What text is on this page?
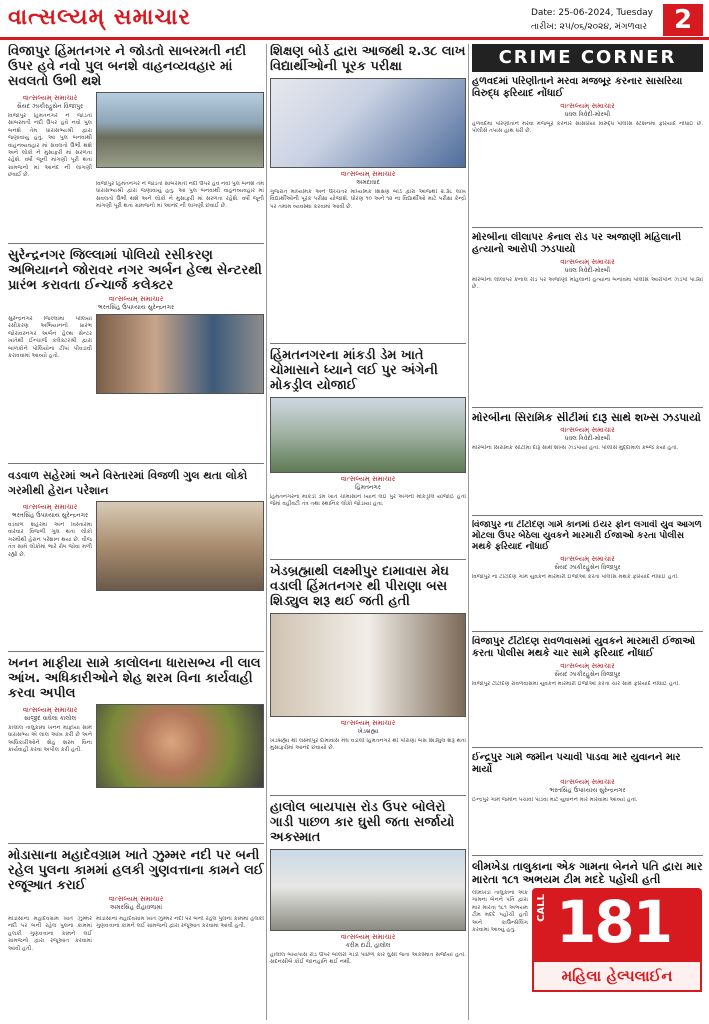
વાત્સલ્યમ્ સમાચાર	Date: 25-06-2024, Tuesday
તારીખ: ૨૫/૦૬/૨૦૨૪, મંગળવાર	2
વિજાપુર હિંમતનગર ને જોડતો સાબરમતી નદી ઉપર હવે નવો પુલ બનશે વાહનવ્યવહાર માં સવલતો ઉભી થશે
વાત્સલ્યમ્ સમાચાર
સૈયદ ઝાકીરહુસેન વિજાપુર
વિજાપુર હિંમતનગર ને જોડતો સાબરમતી નદી ઉપર હવે નવો પુલ બનશે તેમ ધારાસભ્યશ્રી દ્વારા જણાવાયું હતું. આ પુલ બનવાથી વાહનવ્યવહાર માં સવલતો ઉભી થશે અને લોકો ને મુસાફરી માં સરળતા રહેશે. વર્ષો જૂની માંગણી પૂરી થતાં ગ્રામજનો માં આનંદ ની લાગણી છવાઈ છે.
વિજાપુર હિંમતનગર ને જોડતો સાબરમતી નદી ઉપર હવે નવો પુલ બનશે તેમ ધારાસભ્યશ્રી દ્વારા જણાવાયું હતું. આ પુલ બનવાથી વાહનવ્યવહાર માં સવલતો ઉભી થશે અને લોકો ને મુસાફરી માં સરળતા રહેશે. વર્ષો જૂની માંગણી પૂરી થતાં ગ્રામજનો માં આનંદ ની લાગણી છવાઈ છે.
સુરેન્દ્રનગર જિલ્લામાં પોલિયો રસીકરણ અભિયાનને જોરાવર નગર અર્બન હેલ્થ સેન્ટરથી પ્રારંભ કરાવતા ઈન્ચાર્જ કલેક્ટર
વાત્સલ્યમ્ સમાચાર
ભરતસિંહ ઉપાધ્યાય સુરેન્દ્રનગર
સુરેન્દ્રનગર જિલ્લામાં પોલિયો રસીકરણ અભિયાનનો પ્રારંભ જોરાવરનગર અર્બન હેલ્થ સેન્ટર ખાતેથી ઈન્ચાર્જ કલેક્ટરશ્રી દ્વારા બાળકોને પોલિયોના ટીપાં પીવડાવી કરાવવામાં આવ્યો હતો.
વડવાળ સહેરમાં અને વિસ્તારમાં વિજળી ગુલ થતા લોકો ગરમીથી હેરાન પરેશાન
વાત્સલ્યમ્ સમાચાર
ભરતસિંહ ઉપાધ્યાય સુરેન્દ્રનગર
વડવાળ શહેરમાં અને વિસ્તારમાં વારંવાર વિજળી ગુલ થતા લોકો ગરમીથી હેરાન પરેશાન થયા છે. વીજ તંત્ર સામે લોકોમાં ભારે રોષ જોવા મળી રહ્યો છે.
ખનન માફીયા સામે કાલોલના ધારાસભ્ય ની લાલ આંખ. અધિકારીઓને શેહ શરમ વિના કાર્યવાહી કરવા અપીલ
વાત્સલ્યમ્ સમાચાર
સાજીદ વાઘેલા કાલોલ
કાલોલ તાલુકામાં ખનન માફીયા સામે ધારાસભ્ય એ લાલ આંખ કરી છે અને અધિકારીઓને શેહ શરમ વિના કાર્યવાહી કરવા અપીલ કરી હતી.
મોડાસાના મહાદેવગ્રામ ખાતે ઝુમ્મર નદી પર બની રહેલ પુલના કામમાં હલકી ગુણવત્તાના કામને લઈ રજૂઆત કરાઈ
વાત્સલ્યમ્ સમાચાર
અમરસિંહ રીહાવળામાં
મોડાસાના મહાદેવગ્રામ ખાતે ઝુમ્મર નદી પર બની રહેલ પુલના કામમાં હલકી ગુણવત્તાના કામને લઈ ગ્રામજનો દ્વારા રજૂઆત કરવામાં આવી હતી.
મોડાસાના મહાદેવગ્રામ ખાતે ઝુમ્મર નદી પર બની રહેલ પુલના કામમાં હલકી ગુણવત્તાના કામને લઈ ગ્રામજનો દ્વારા રજૂઆત કરવામાં આવી હતી.
શિક્ષણ બોર્ડ દ્વારા આજથી ૨.૩૮ લાખ વિદ્યાર્થીઓની પૂરક પરીક્ષા
વાત્સલ્યમ્ સમાચાર
અમદાવાદ
ગુજરાત માધ્યમિક અને ઉચ્ચતર માધ્યમિક શિક્ષણ બોર્ડ દ્વારા આજથી ૨.૩૮ લાખ વિદ્યાર્થીઓની પૂરક પરીક્ષા યોજાશે. ધોરણ ૧૦ અને ૧૨ ના વિદ્યાર્થીઓ માટે પરીક્ષા કેન્દ્રો પર તમામ વ્યવસ્થા કરવામાં આવી છે.
હિંમતનગરના માંકડી ડેમ ખાતે ચોમાસાને ધ્યાને લઈ પુર અંગેની મોકડ્રીલ યોજાઈ
વાત્સલ્યમ્ સમાચાર
હિંમતનગર
હિંમતનગરના માંકડી ડેમ ખાતે ચોમાસાને ધ્યાને લઈ પુર અંગેની મોકડ્રીલ યોજાઈ હતી જેમાં વહીવટી તંત્ર તથા સ્થાનિક લોકો જોડાયા હતા.
ખેડબ્રહ્માથી લક્ષ્મીપુર દામાવાસ મેઘ વડાલી હિંમતનગર થી પીરાણા બસ શિડ્યુલ શરૂ થઈ જતી હતી
વાત્સલ્યમ્ સમાચાર
ખેડબ્રહ્મા
ખેડબ્રહ્મા થી લક્ષ્મીપુર દામાવાસ મેઘ વડાલી હિંમતનગર થી પીરાણા બસ શિડ્યુલ શરૂ થતા મુસાફરોમાં આનંદ છવાયો છે.
હાલોલ બાયપાસ રોડ ઉપર બોલેરો ગાડી પાછળ કાર ઘુસી જતા સર્જાયો અકસ્માત
વાત્સલ્યમ્ સમાચાર
કરીમ દાઢી, હાલોલ
હાલોલ બાયપાસ રોડ ઉપર બોલેરો ગાડી પાછળ કાર ઘુસી જતા અકસ્માત સર્જાયો હતો. સદનસીબે કોઈ જાનહાનિ થઈ નથી.
CRIME CORNER
હળવદમાં પરિણીતાને મરવા મજબૂર કરનાર સાસરિયા વિરુદ્ધ ફરિયાદ નોંધાઈ
વાત્સલ્યમ્ સમાચાર
ધવલ ત્રિવેદી-મોરબી
હળવદમાં પરિણીતાને મરવા મજબૂર કરનાર સાસરિયા વિરુદ્ધ પોલીસ સ્ટેશનમાં ફરિયાદ નોંધાઈ છે. પોલીસે તપાસ હાથ ધરી છે.
મોરબીના લીલાપર કેનાલ રોડ પર અજાણી મહિલાની હત્યાનો આરોપી ઝડપાયો
વાત્સલ્યમ્ સમાચાર
ધવલ ત્રિવેદી-મોરબી
મોરબીના લીલાપર કેનાલ રોડ પર અજાણી મહિલાની હત્યાના બનાવમાં પોલીસે આરોપીને ઝડપી પાડ્યો છે.
મોરબીના સિરામિક સીટીમાં દારૂ સાથે શખ્સ ઝડપાયો
વાત્સલ્યમ્ સમાચાર
ધવલ ત્રિવેદી-મોરબી
મોરબીના સિરામિક સીટીમાં દારૂ સાથે શખ્સ ઝડપાયો હતો. પોલીસે મુદ્દામાલ કબ્જે કર્યો હતો.
વિજાપુર ના ટીંટોદણ ગામે કાનમાં ઈયર ફોન લગાવી યુવ આગળ મોટલા ઉપર બેઠેલા યુવકને મારમારી ઈજાઓ કરતા પોલીસ મથકે ફરિયાદ નોંધાઈ
વાત્સલ્યમ્ સમાચાર
સૈયદ ઝાકીરહુસેન વિજાપુર
વિજાપુર ના ટીંટોદણ ગામે યુવકને મારમારી ઈજાઓ કરતા પોલીસ મથકે ફરિયાદ નોંધાઈ હતી.
વિજાપુર ટીંટોદણ રાવળવાસમાં યુવકને મારમારી ઈજાઓ કરતા પોલીસ મથકે ચાર સામે ફરિયાદ નોંધાઈ
વાત્સલ્યમ્ સમાચાર
સૈયદ ઝાકીરહુસેન વિજાપુર
વિજાપુર ટીંટોદણ રાવળવાસમાં યુવકને મારમારી ઈજાઓ કરતા ચાર સામે ફરિયાદ નોંધાઈ હતી.
ઈન્દ્રપુર ગામે જમીન પચાવી પાડવા મારે યુવાનને માર માર્યો
વાત્સલ્યમ્ સમાચાર
ભરતસિંહ ઉપાધ્યાય સુરેન્દ્રનગર
ઈન્દ્રપુર ગામે જમીન પચાવી પાડવા માટે યુવાનને માર મારવામાં આવ્યો હતો.
લીમખેડા તાલુકાના એક ગામના બેનને પતિ દ્વારા માર મારતા ૧૮૧ અભયમ ટીમ મદદે પહોંચી હતી
લીમખેડા તાલુકાના એક ગામના બેનને પતિ દ્વારા માર મારતા ૧૮૧ અભયમ ટીમ મદદે પહોંચી હતી અને કાઉન્સેલિંગ કરવામાં આવ્યું હતું.
CALL 181
મહિલા હેલ્પલાઈન
